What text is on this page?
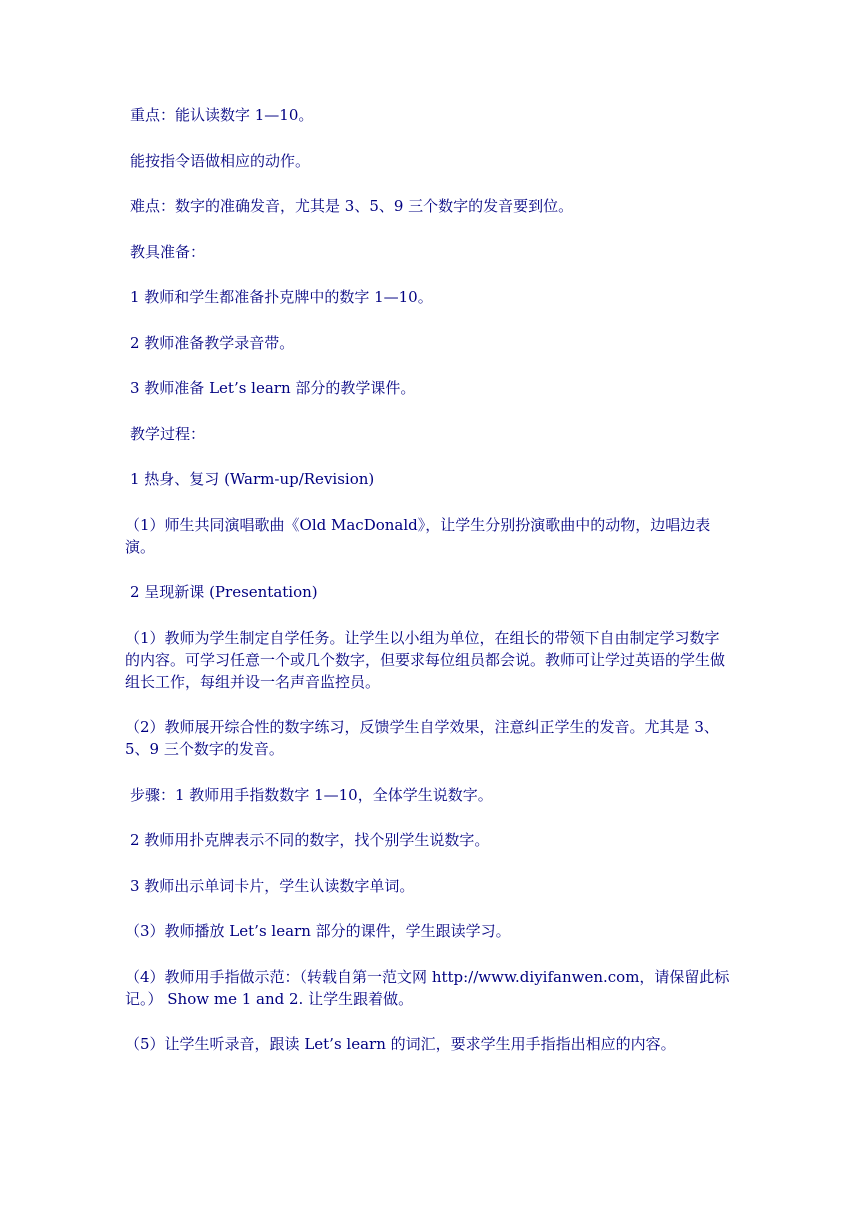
重点：能认读数字 1—10。

能按指令语做相应的动作。

难点：数字的准确发音，尤其是 3、5、9 三个数字的发音要到位。

教具准备：

1 教师和学生都准备扑克牌中的数字 1—10。

2 教师准备教学录音带。

3 教师准备 Let’s learn 部分的教学课件。

教学过程：

1 热身、复习 (Warm-up/Revision)

（1）师生共同演唱歌曲《Old MacDonald》，让学生分别扮演歌曲中的动物，边唱边表演。

2 呈现新课 (Presentation)

（1）教师为学生制定自学任务。让学生以小组为单位，在组长的带领下自由制定学习数字的内容。可学习任意一个或几个数字，但要求每位组员都会说。教师可让学过英语的学生做组长工作，每组并设一名声音监控员。

（2）教师展开综合性的数字练习，反馈学生自学效果，注意纠正学生的发音。尤其是 3、5、9 三个数字的发音。

步骤：1 教师用手指数数字 1—10，全体学生说数字。

2 教师用扑克牌表示不同的数字，找个别学生说数字。

3 教师出示单词卡片，学生认读数字单词。

（3）教师播放 Let’s learn 部分的课件，学生跟读学习。

（4）教师用手指做示范：（转载自第一范文网 http://www.diyifanwen.com，请保留此标记。） Show me 1 and 2. 让学生跟着做。

（5）让学生听录音，跟读 Let’s learn 的词汇，要求学生用手指指出相应的内容。
